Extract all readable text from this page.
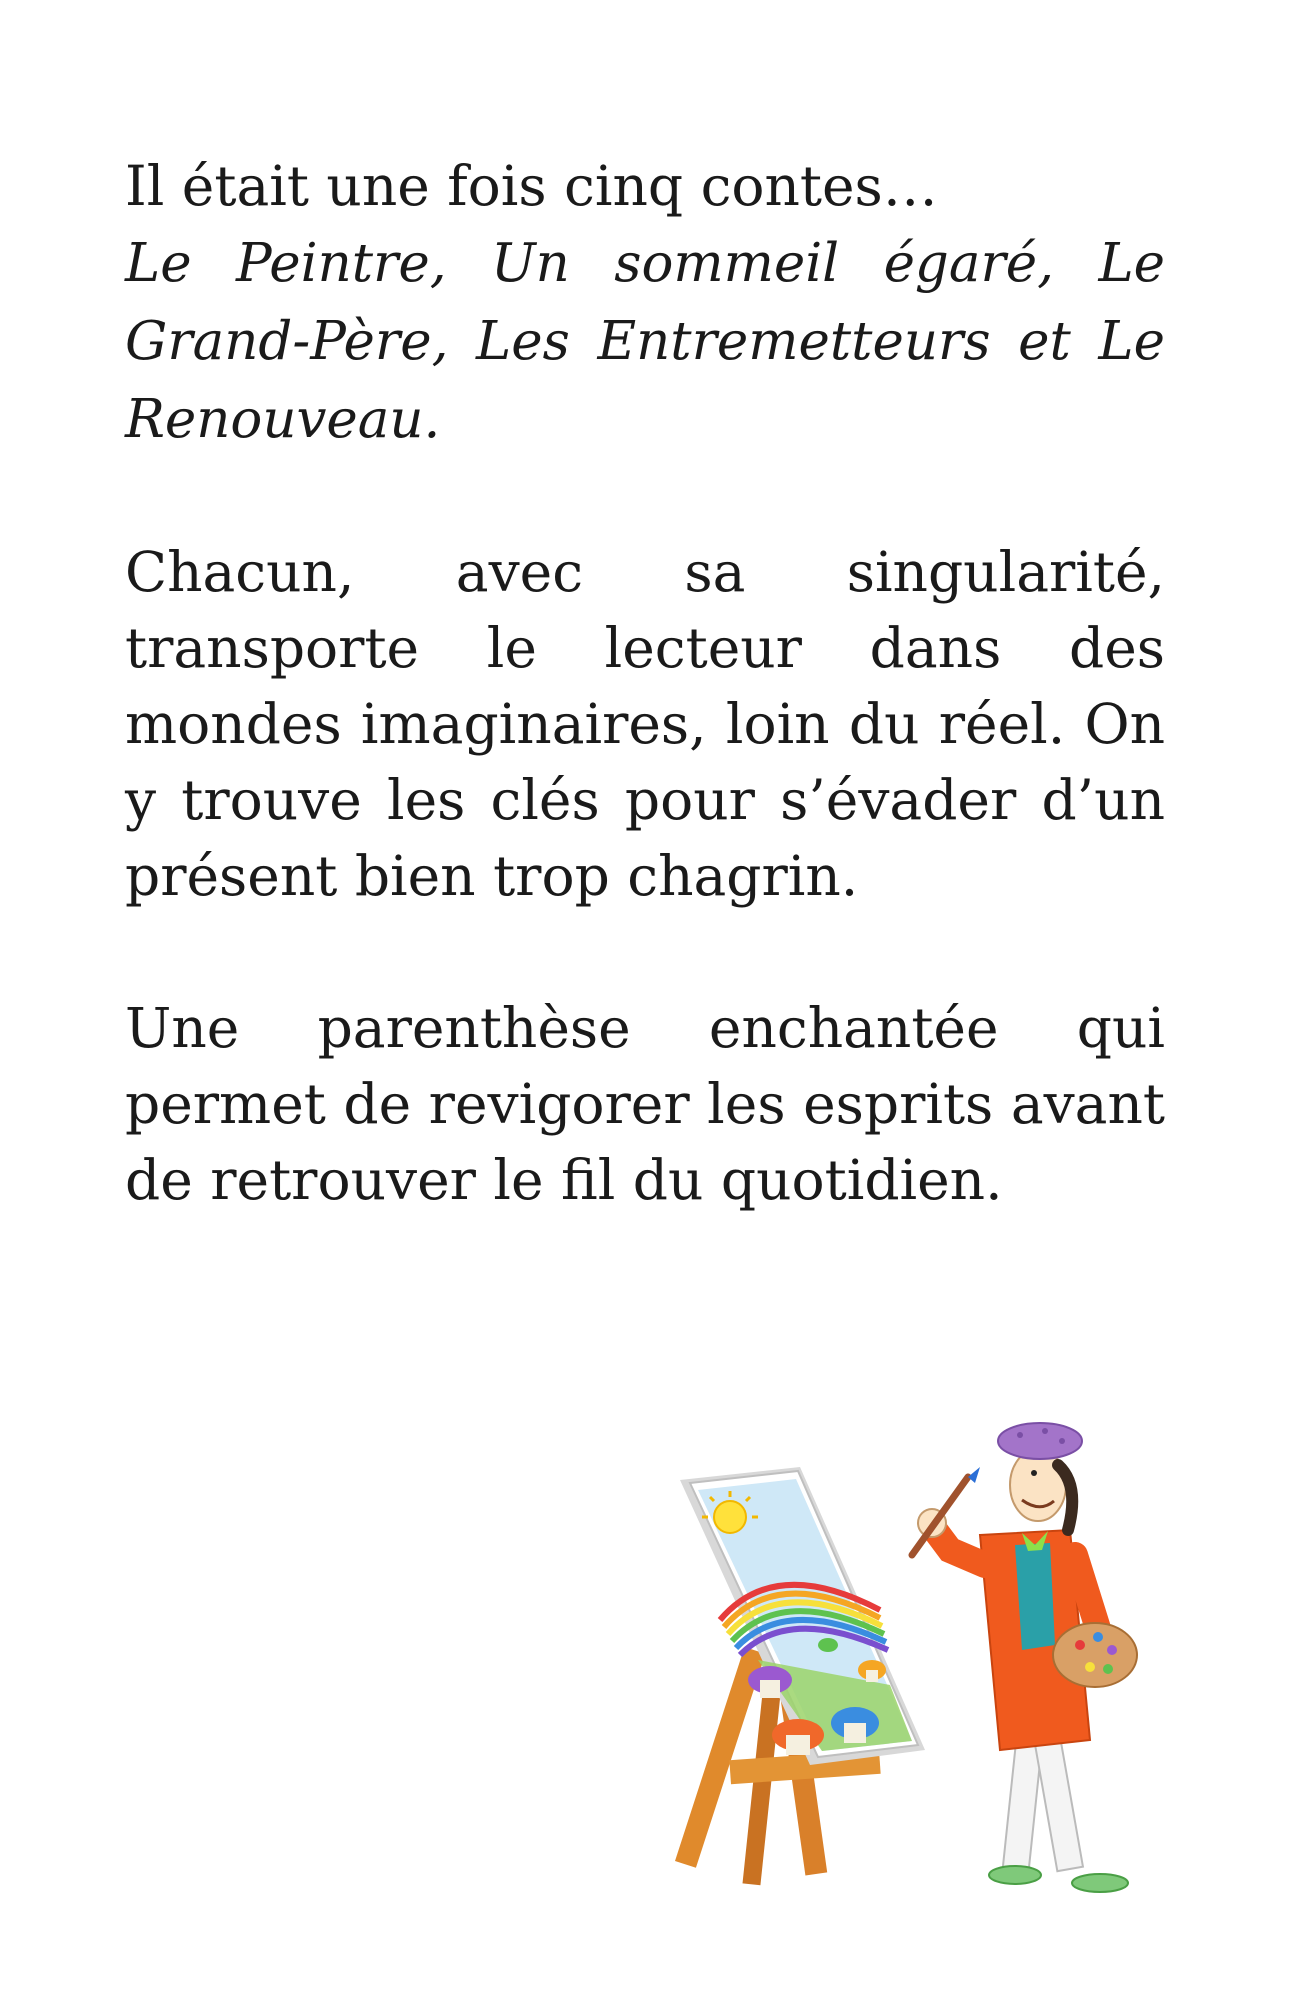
Il était une fois cinq contes…
Le Peintre, Un sommeil égaré, Le Grand-Père, Les Entremetteurs et Le Renouveau.

Chacun, avec sa singularité, transporte le lecteur dans des mondes imaginaires, loin du réel. On y trouve les clés pour s’évader d’un présent bien trop chagrin.

Une parenthèse enchantée qui permet de revigorer les esprits avant de retrouver le fil du quotidien.
